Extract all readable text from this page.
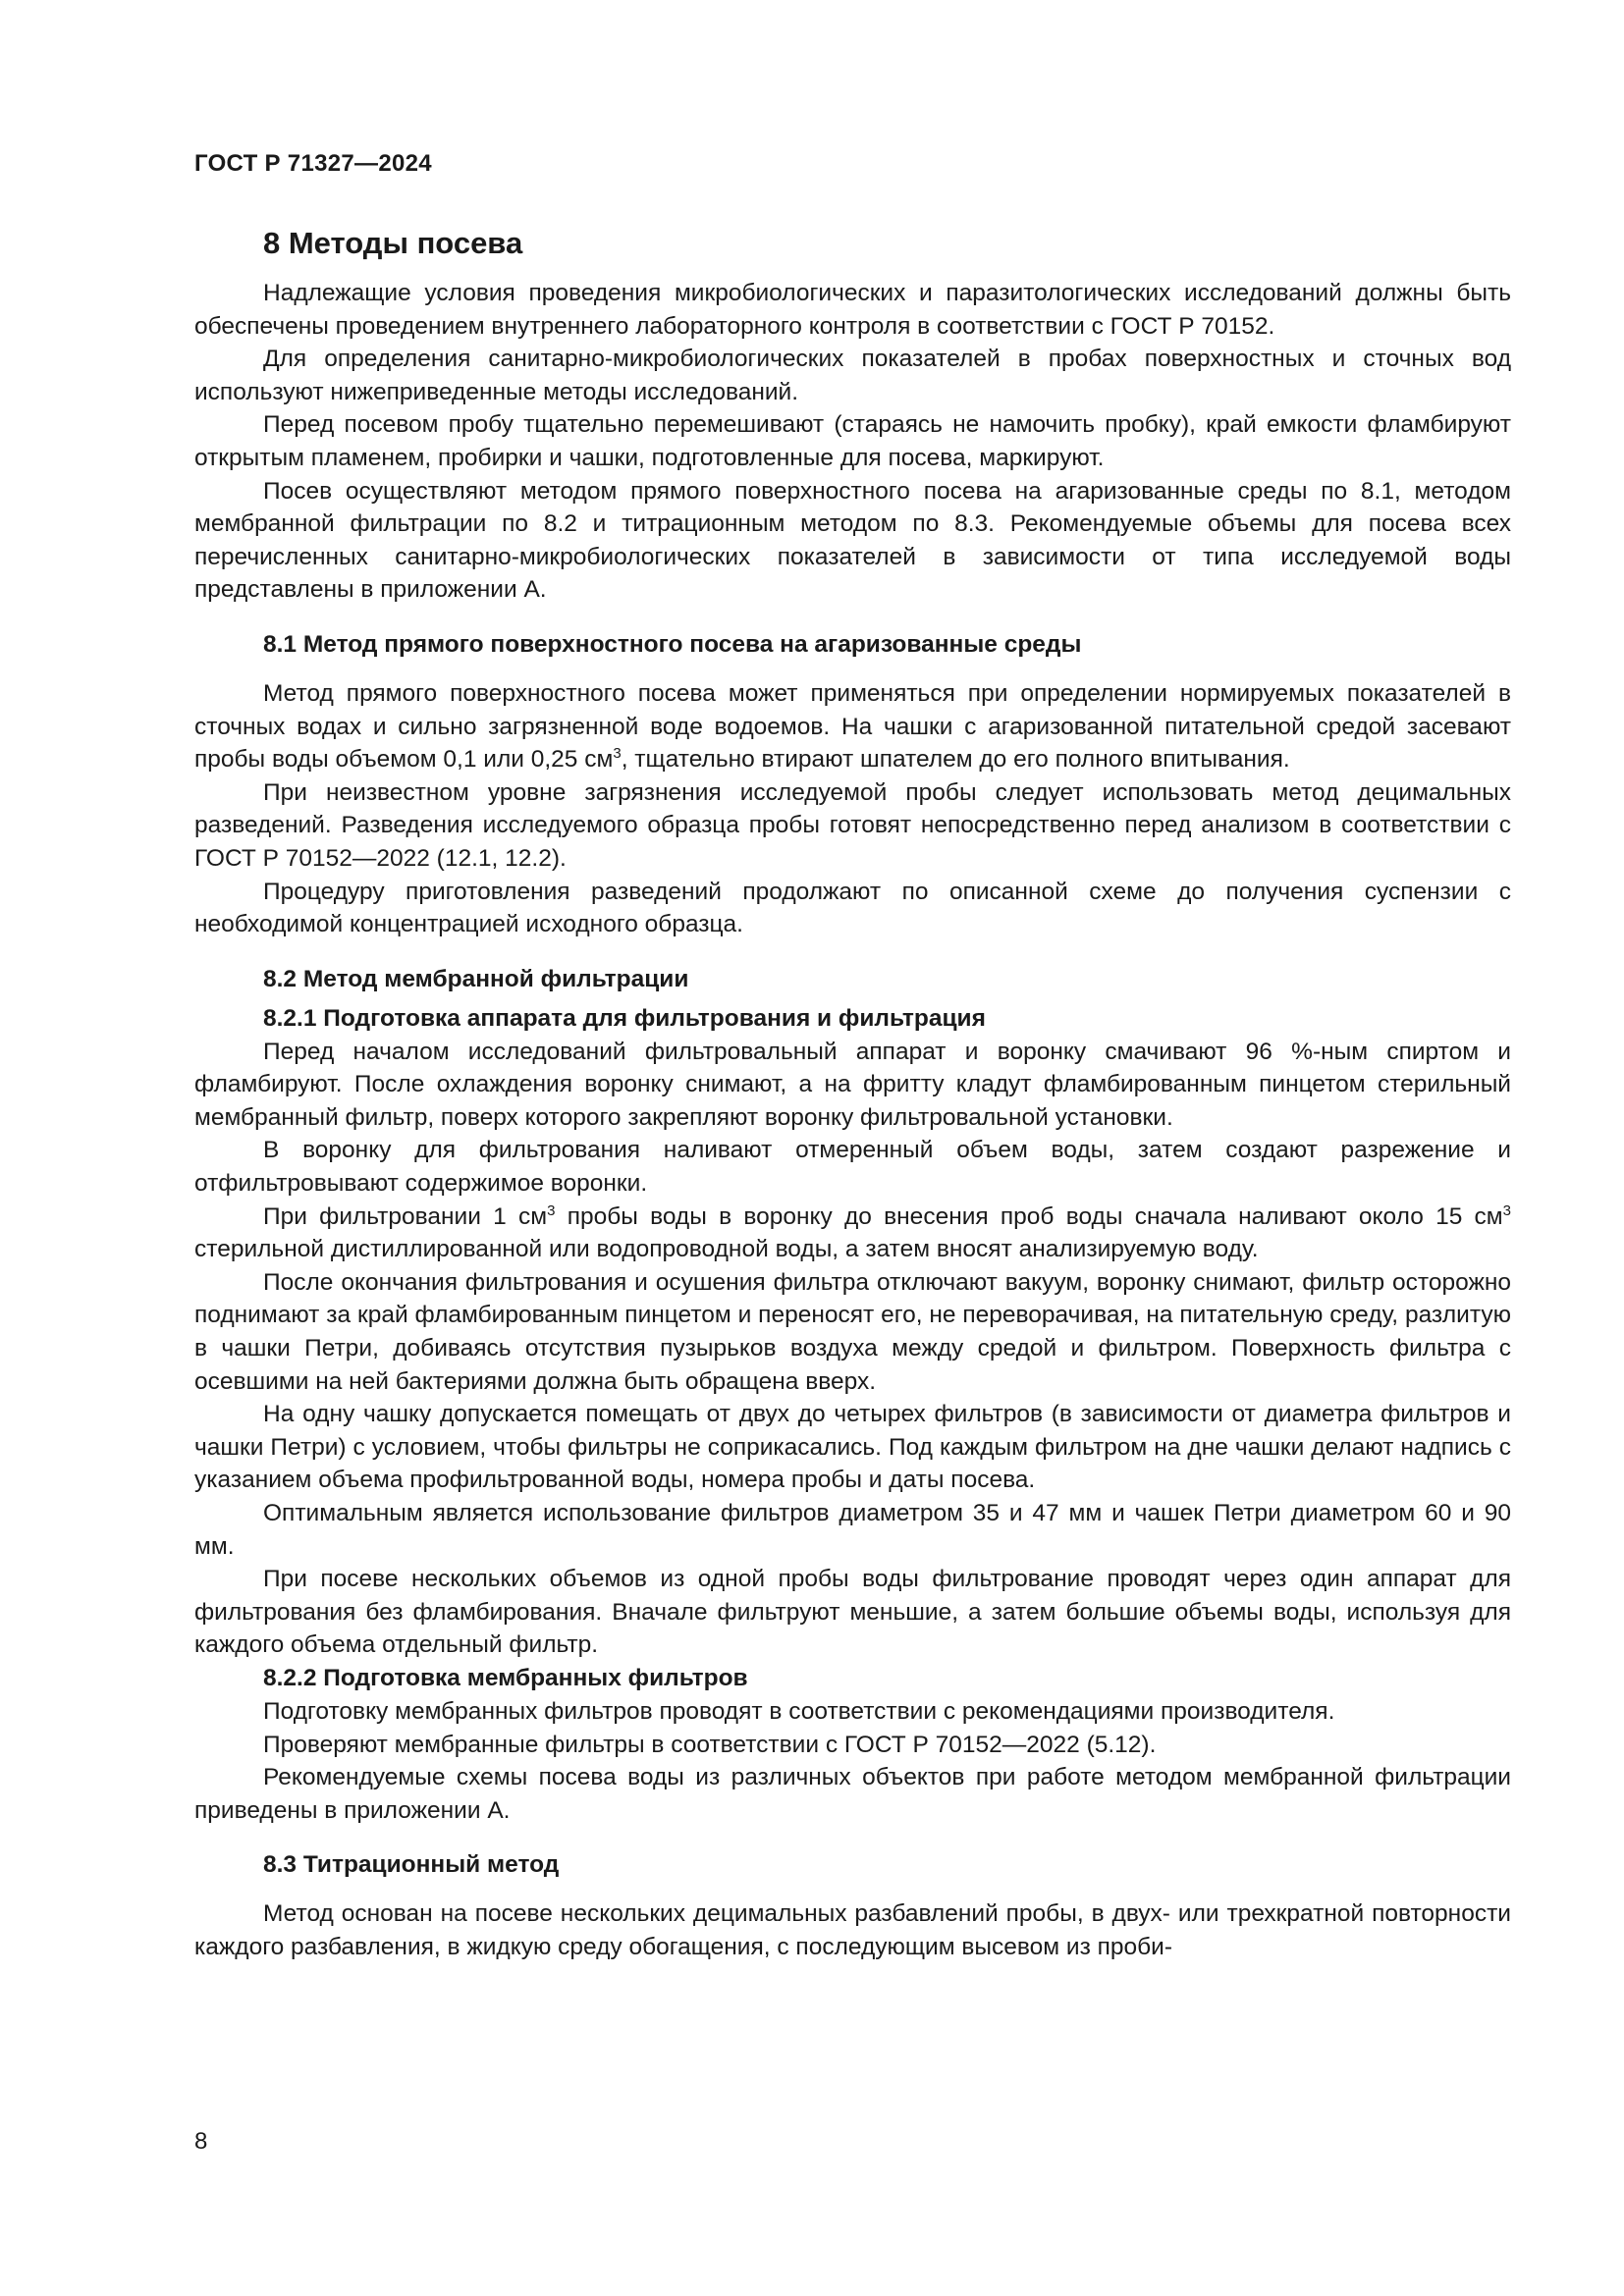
ГОСТ Р 71327—2024
8 Методы посева

Надлежащие условия проведения микробиологических и паразитологических исследований должны быть обеспечены проведением внутреннего лабораторного контроля в соответствии с ГОСТ Р 70152.

Для определения санитарно-микробиологических показателей в пробах поверхностных и сточных вод используют нижеприведенные методы исследований.

Перед посевом пробу тщательно перемешивают (стараясь не намочить пробку), край емкости фламбируют открытым пламенем, пробирки и чашки, подготовленные для посева, маркируют.

Посев осуществляют методом прямого поверхностного посева на агаризованные среды по 8.1, методом мембранной фильтрации по 8.2 и титрационным методом по 8.3. Рекомендуемые объемы для посева всех перечисленных санитарно-микробиологических показателей в зависимости от типа исследуемой воды представлены в приложении А.

8.1 Метод прямого поверхностного посева на агаризованные среды

Метод прямого поверхностного посева может применяться при определении нормируемых показателей в сточных водах и сильно загрязненной воде водоемов. На чашки с агаризованной питательной средой засевают пробы воды объемом 0,1 или 0,25 $см^3$, тщательно втирают шпателем до его полного впитывания.

При неизвестном уровне загрязнения исследуемой пробы следует использовать метод децимальных разведений. Разведения исследуемого образца пробы готовят непосредственно перед анализом в соответствии с ГОСТ Р 70152—2022 (12.1, 12.2).

Процедуру приготовления разведений продолжают по описанной схеме до получения суспензии с необходимой концентрацией исходного образца.

8.2 Метод мембранной фильтрации
8.2.1 Подготовка аппарата для фильтрования и фильтрация

Перед началом исследований фильтровальный аппарат и воронку смачивают 96 %-ным спиртом и фламбируют. После охлаждения воронку снимают, а на фритту кладут фламбированным пинцетом стерильный мембранный фильтр, поверх которого закрепляют воронку фильтровальной установки.

В воронку для фильтрования наливают отмеренный объем воды, затем создают разрежение и отфильтровывают содержимое воронки.

При фильтровании 1 $см^3$ пробы воды в воронку до внесения проб воды сначала наливают около 15 $см^3$ стерильной дистиллированной или водопроводной воды, а затем вносят анализируемую воду.

После окончания фильтрования и осушения фильтра отключают вакуум, воронку снимают, фильтр осторожно поднимают за край фламбированным пинцетом и переносят его, не переворачивая, на питательную среду, разлитую в чашки Петри, добиваясь отсутствия пузырьков воздуха между средой и фильтром. Поверхность фильтра с осевшими на ней бактериями должна быть обращена вверх.

На одну чашку допускается помещать от двух до четырех фильтров (в зависимости от диаметра фильтров и чашки Петри) с условием, чтобы фильтры не соприкасались. Под каждым фильтром на дне чашки делают надпись с указанием объема профильтрованной воды, номера пробы и даты посева.

Оптимальным является использование фильтров диаметром 35 и 47 мм и чашек Петри диаметром 60 и 90 мм.

При посеве нескольких объемов из одной пробы воды фильтрование проводят через один аппарат для фильтрования без фламбирования. Вначале фильтруют меньшие, а затем большие объемы воды, используя для каждого объема отдельный фильтр.

8.2.2 Подготовка мембранных фильтров

Подготовку мембранных фильтров проводят в соответствии с рекомендациями производителя.

Проверяют мембранные фильтры в соответствии с ГОСТ Р 70152—2022 (5.12).

Рекомендуемые схемы посева воды из различных объектов при работе методом мембранной фильтрации приведены в приложении А.

8.3 Титрационный метод

Метод основан на посеве нескольких децимальных разбавлений пробы, в двух- или трехкратной повторности каждого разбавления, в жидкую среду обогащения, с последующим высевом из проби-

8
